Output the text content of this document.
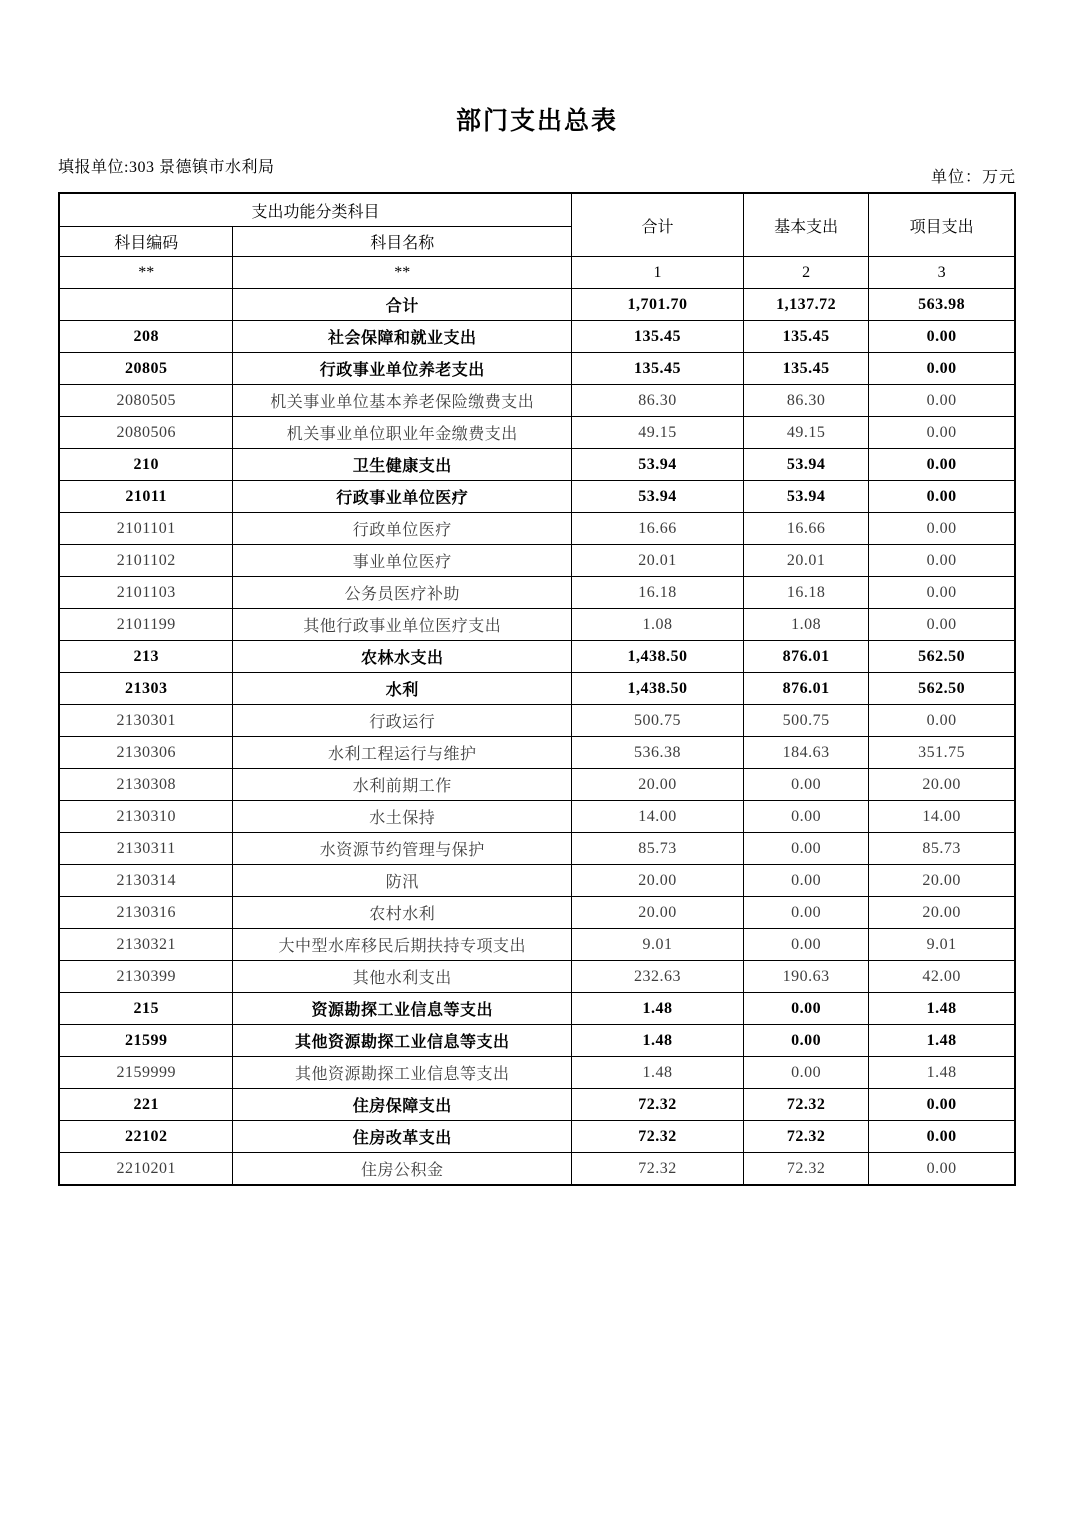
部门支出总表
填报单位:303 景德镇市水利局
单位：万元
支出功能分类科目		合计	基本支出	项目支出
科目编码	科目名称			
**	**	1	2	3
	合计	1,701.70	1,137.72	563.98
208	社会保障和就业支出	135.45	135.45	0.00
20805	行政事业单位养老支出	135.45	135.45	0.00
2080505	机关事业单位基本养老保险缴费支出	86.30	86.30	0.00
2080506	机关事业单位职业年金缴费支出	49.15	49.15	0.00
210	卫生健康支出	53.94	53.94	0.00
21011	行政事业单位医疗	53.94	53.94	0.00
2101101	行政单位医疗	16.66	16.66	0.00
2101102	事业单位医疗	20.01	20.01	0.00
2101103	公务员医疗补助	16.18	16.18	0.00
2101199	其他行政事业单位医疗支出	1.08	1.08	0.00
213	农林水支出	1,438.50	876.01	562.50
21303	水利	1,438.50	876.01	562.50
2130301	行政运行	500.75	500.75	0.00
2130306	水利工程运行与维护	536.38	184.63	351.75
2130308	水利前期工作	20.00	0.00	20.00
2130310	水土保持	14.00	0.00	14.00
2130311	水资源节约管理与保护	85.73	0.00	85.73
2130314	防汛	20.00	0.00	20.00
2130316	农村水利	20.00	0.00	20.00
2130321	大中型水库移民后期扶持专项支出	9.01	0.00	9.01
2130399	其他水利支出	232.63	190.63	42.00
215	资源勘探工业信息等支出	1.48	0.00	1.48
21599	其他资源勘探工业信息等支出	1.48	0.00	1.48
2159999	其他资源勘探工业信息等支出	1.48	0.00	1.48
221	住房保障支出	72.32	72.32	0.00
22102	住房改革支出	72.32	72.32	0.00
2210201	住房公积金	72.32	72.32	0.00
